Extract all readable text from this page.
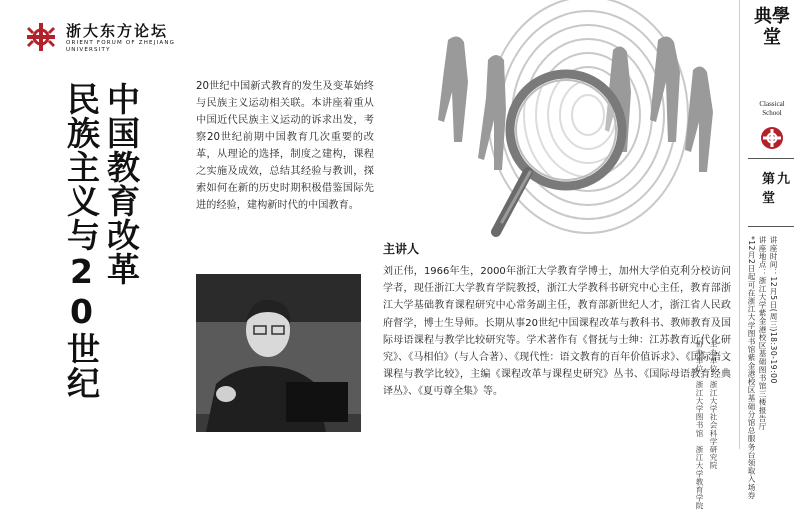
浙大东方论坛
ORIENT FORUM OF ZHEJIANG UNIVERSITY
中国教育改革
民族主义与20世纪	20世纪中国新式教育的发生及变革始终与民族主义运动相关联。本讲座着重从中国近代民族主义运动的诉求出发，考察20世纪前期中国教育几次重要的改革，从理论的选择，制度之建构，课程之实施及成效，总结其经验与教训，探索如何在新的历史时期积极借鉴国际先进的经验，建构新时代的中国教育。
主讲人
刘正伟，1966年生，2000年浙江大学教育学博士，加州大学伯克利分校访问学者，现任浙江大学教育学院教授，浙江大学教科书研究中心主任，教育部浙江大学基础教育课程研究中心常务副主任，教育部新世纪人才，浙江省人民政府督学，博士生导师。长期从事20世纪中国课程改革与教科书、教师教育及国际母语课程与教学比较研究等。学术著作有《督抚与士绅：江苏教育近代化研究》、《马相伯》（与人合著）、《现代性：语文教育的百年价值诉求》、《国际语文课程与教学比较》，主编《课程改革与课程史研究》丛书、《国际母语教育经典译丛》、《夏丏尊全集》等。	主办单位：浙江大学社会科学研究院
协办单位：浙江大学图书馆　浙江大学教育学院
典學堂
Classical
School
第九堂
讲座时间：12月5日(周三)18:30-19:00
讲座地点：浙江大学紫金港校区基础图书馆三楼报告厅
*12月2日起可在浙江大学图书馆紫金港校区基础分馆总服务台领取入场券
